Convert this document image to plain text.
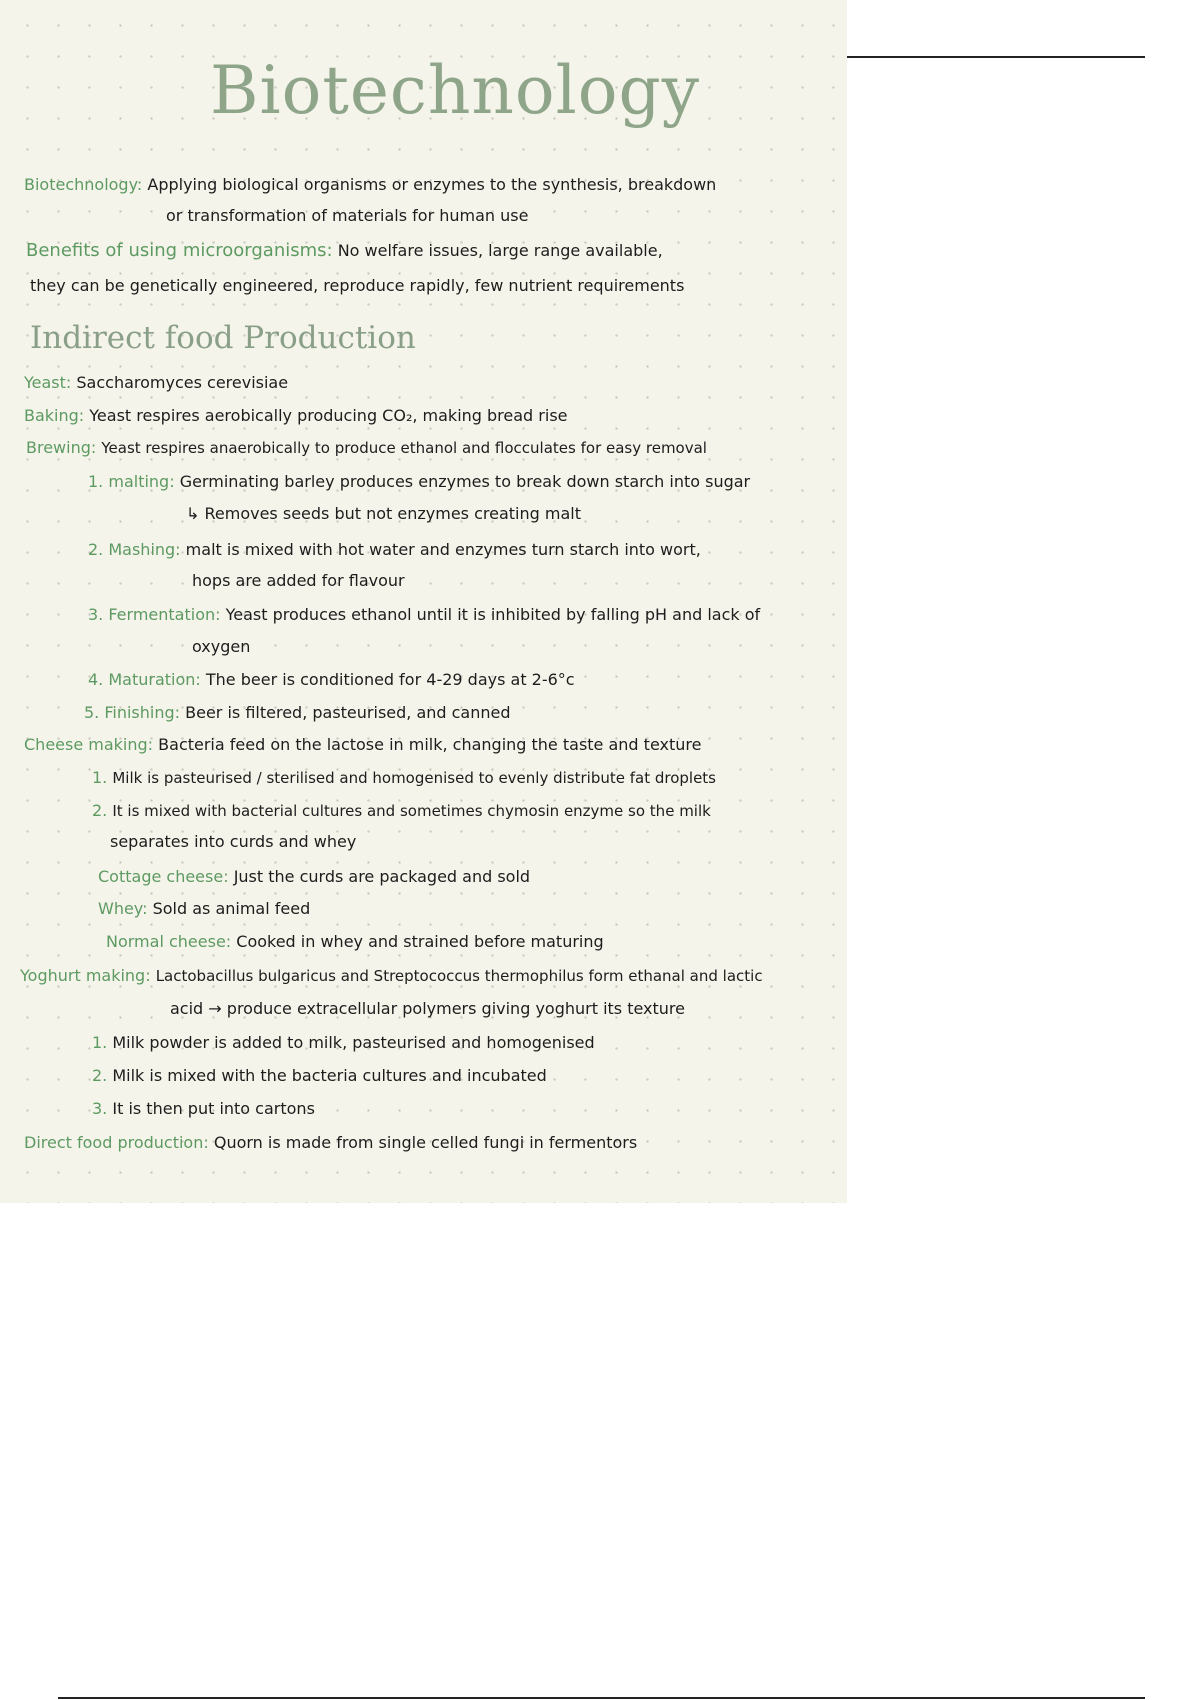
Biotechnology
Biotechnology: Applying biological organisms or enzymes to the synthesis, breakdown
or transformation of materials for human use
Benefits of using microorganisms: No welfare issues, large range available,
they can be genetically engineered, reproduce rapidly, few nutrient requirements
Indirect food Production
Yeast: Saccharomyces cerevisiae
Baking: Yeast respires aerobically producing CO₂, making bread rise
Brewing: Yeast respires anaerobically to produce ethanol and flocculates for easy removal
1. malting: Germinating barley produces enzymes to break down starch into sugar
↳ Removes seeds but not enzymes creating malt
2. Mashing: malt is mixed with hot water and enzymes turn starch into wort,
hops are added for flavour
3. Fermentation: Yeast produces ethanol until it is inhibited by falling pH and lack of
oxygen
4. Maturation: The beer is conditioned for 4-29 days at 2-6°c
5. Finishing: Beer is filtered, pasteurised, and canned
Cheese making: Bacteria feed on the lactose in milk, changing the taste and texture
1. Milk is pasteurised / sterilised and homogenised to evenly distribute fat droplets
2. It is mixed with bacterial cultures and sometimes chymosin enzyme so the milk
separates into curds and whey
Cottage cheese: Just the curds are packaged and sold
Whey: Sold as animal feed
Normal cheese: Cooked in whey and strained before maturing
Yoghurt making: Lactobacillus bulgaricus and Streptococcus thermophilus form ethanal and lactic
acid → produce extracellular polymers giving yoghurt its texture
1. Milk powder is added to milk, pasteurised and homogenised
2. Milk is mixed with the bacteria cultures and incubated
3. It is then put into cartons
Direct food production: Quorn is made from single celled fungi in fermentors
